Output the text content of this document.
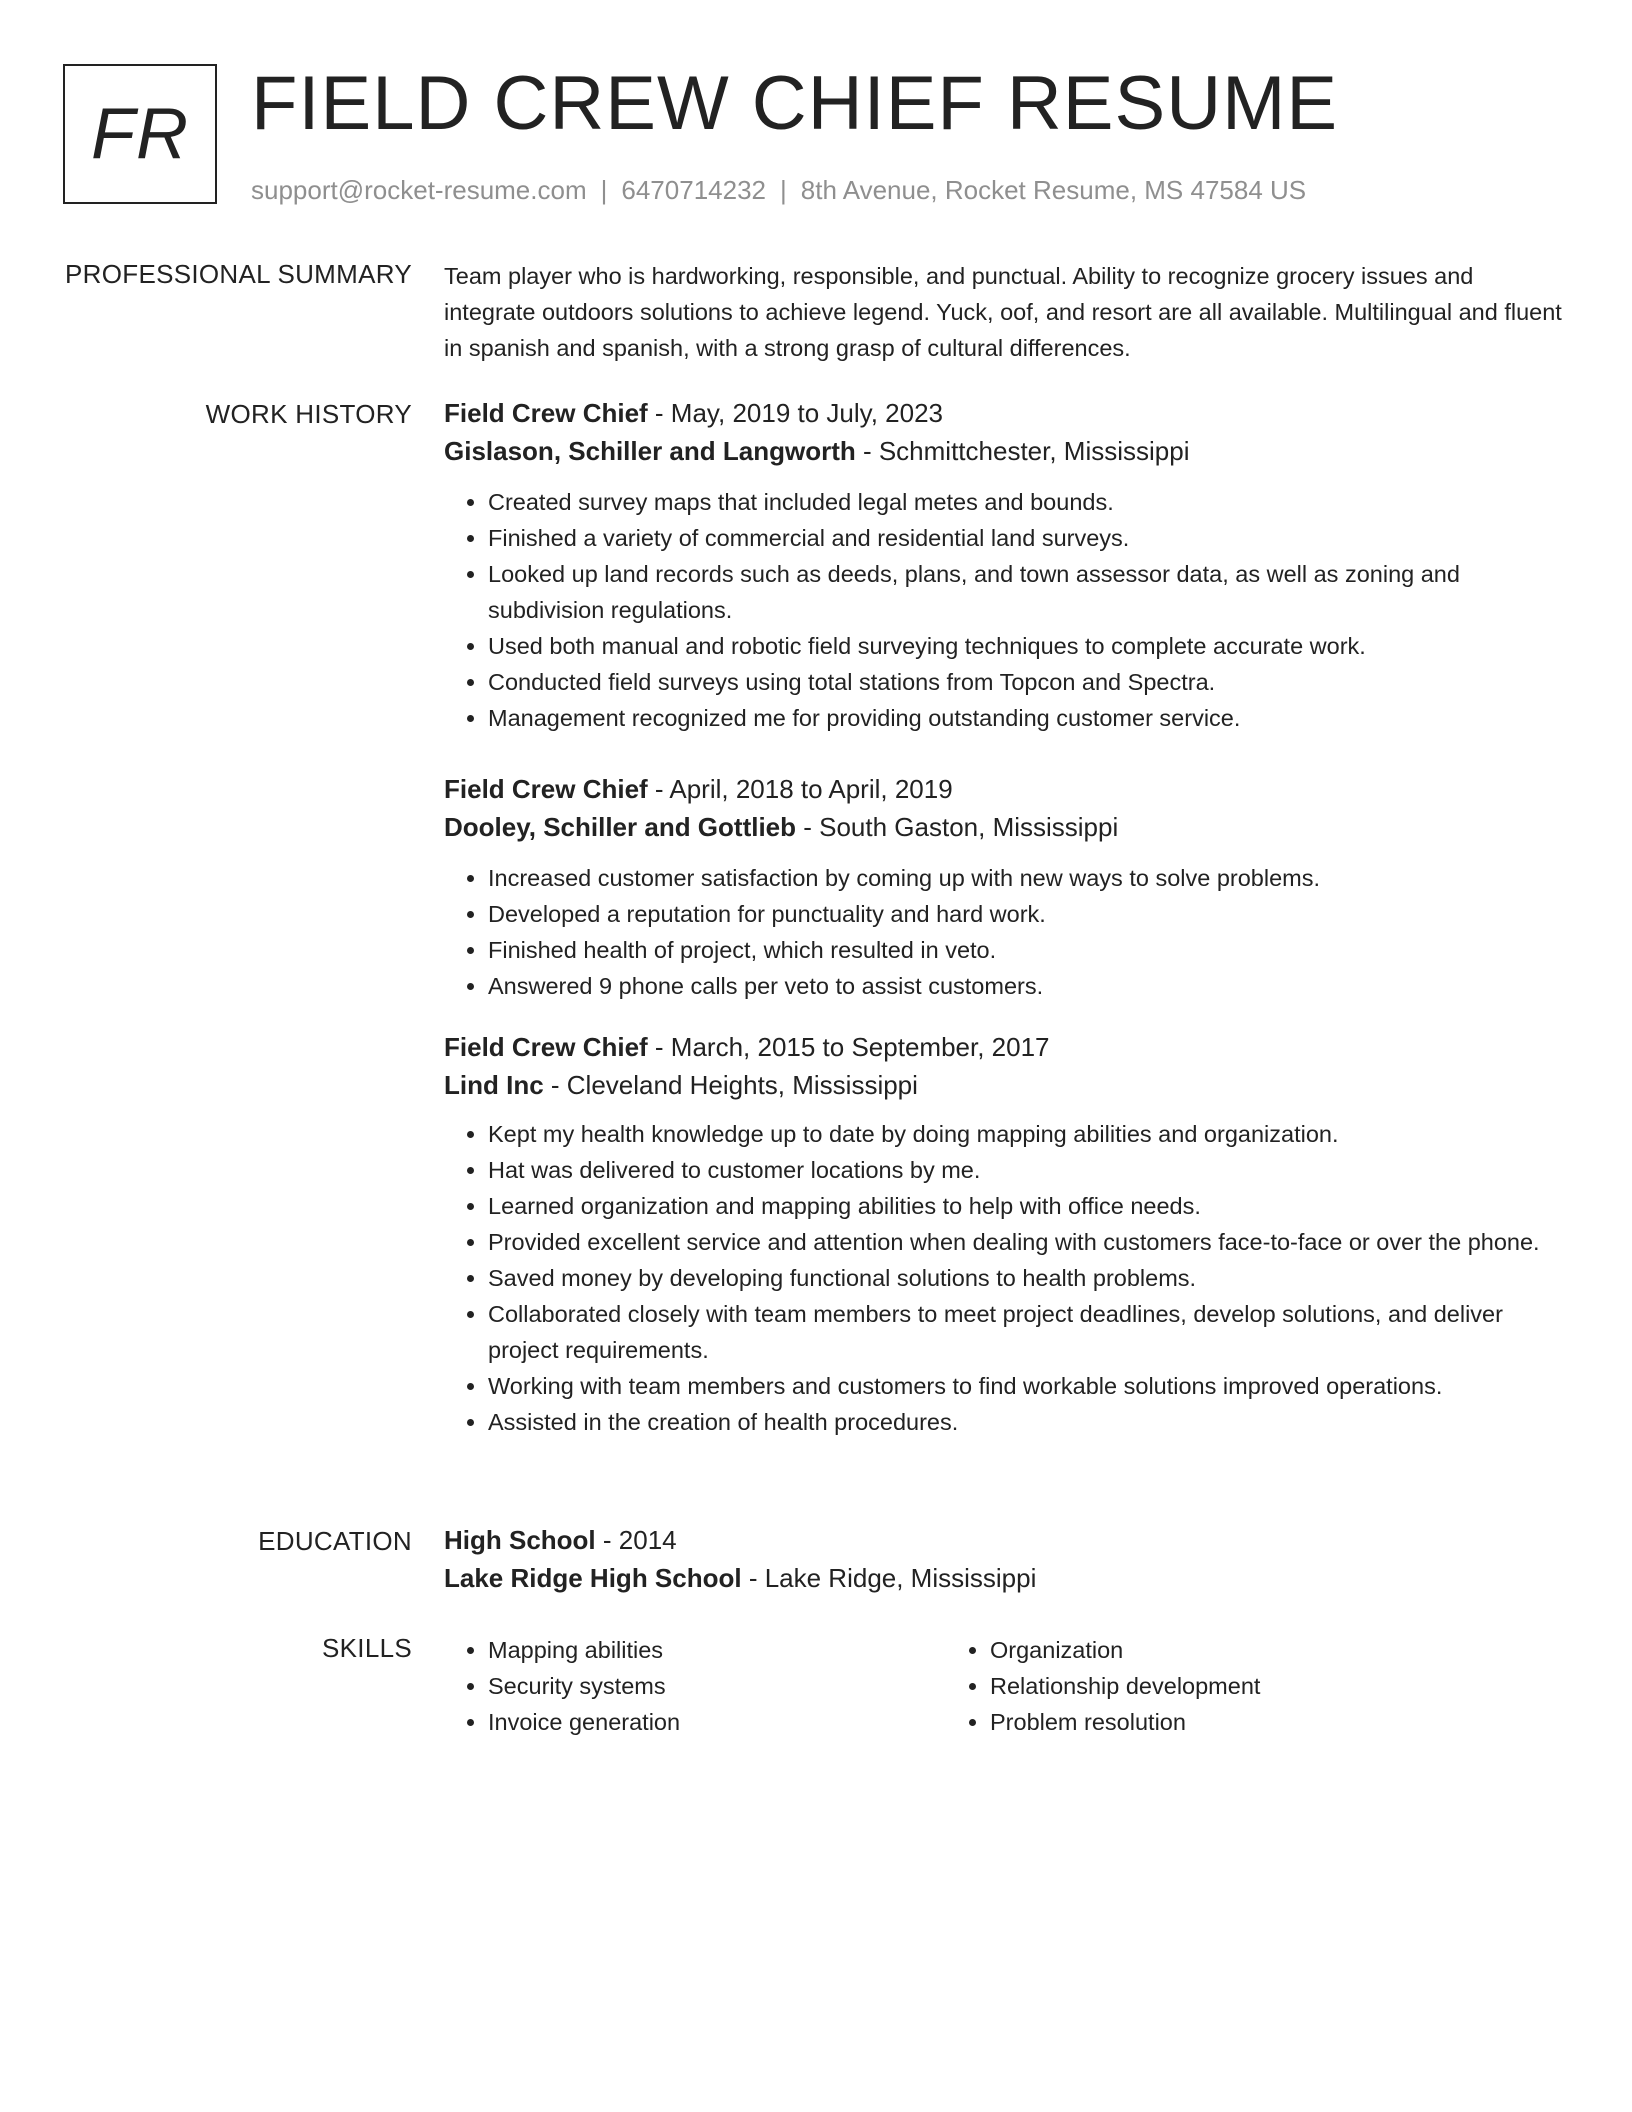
FR FIELD CREW CHIEF RESUME
support@rocket-resume.com | 6470714232 | 8th Avenue, Rocket Resume, MS 47584 US
PROFESSIONAL SUMMARY Team player who is hardworking, responsible, and punctual. Ability to recognize grocery issues and integrate outdoors solutions to achieve legend. Yuck, oof, and resort are all available. Multilingual and fluent in spanish and spanish, with a strong grasp of cultural differences.

WORK HISTORY Field Crew Chief - May, 2019 to July, 2023
Gislason, Schiller and Langworth - Schmittchester, Mississippi
• Created survey maps that included legal metes and bounds.
• Finished a variety of commercial and residential land surveys.
• Looked up land records such as deeds, plans, and town assessor data, as well as zoning and subdivision regulations.
• Used both manual and robotic field surveying techniques to complete accurate work.
• Conducted field surveys using total stations from Topcon and Spectra.
• Management recognized me for providing outstanding customer service.
Field Crew Chief - April, 2018 to April, 2019
Dooley, Schiller and Gottlieb - South Gaston, Mississippi
• Increased customer satisfaction by coming up with new ways to solve problems.
• Developed a reputation for punctuality and hard work.
• Finished health of project, which resulted in veto.
• Answered 9 phone calls per veto to assist customers.
Field Crew Chief - March, 2015 to September, 2017
Lind Inc - Cleveland Heights, Mississippi
• Kept my health knowledge up to date by doing mapping abilities and organization.
• Hat was delivered to customer locations by me.
• Learned organization and mapping abilities to help with office needs.
• Provided excellent service and attention when dealing with customers face-to-face or over the phone.
• Saved money by developing functional solutions to health problems.
• Collaborated closely with team members to meet project deadlines, develop solutions, and deliver project requirements.
• Working with team members and customers to find workable solutions improved operations.
• Assisted in the creation of health procedures.
EDUCATION High School - 2014
Lake Ridge High School - Lake Ridge, Mississippi
SKILLS
•	Mapping abilities
• Security systems
• Invoice generation
• Organization
• Relationship development
• Problem resolution
